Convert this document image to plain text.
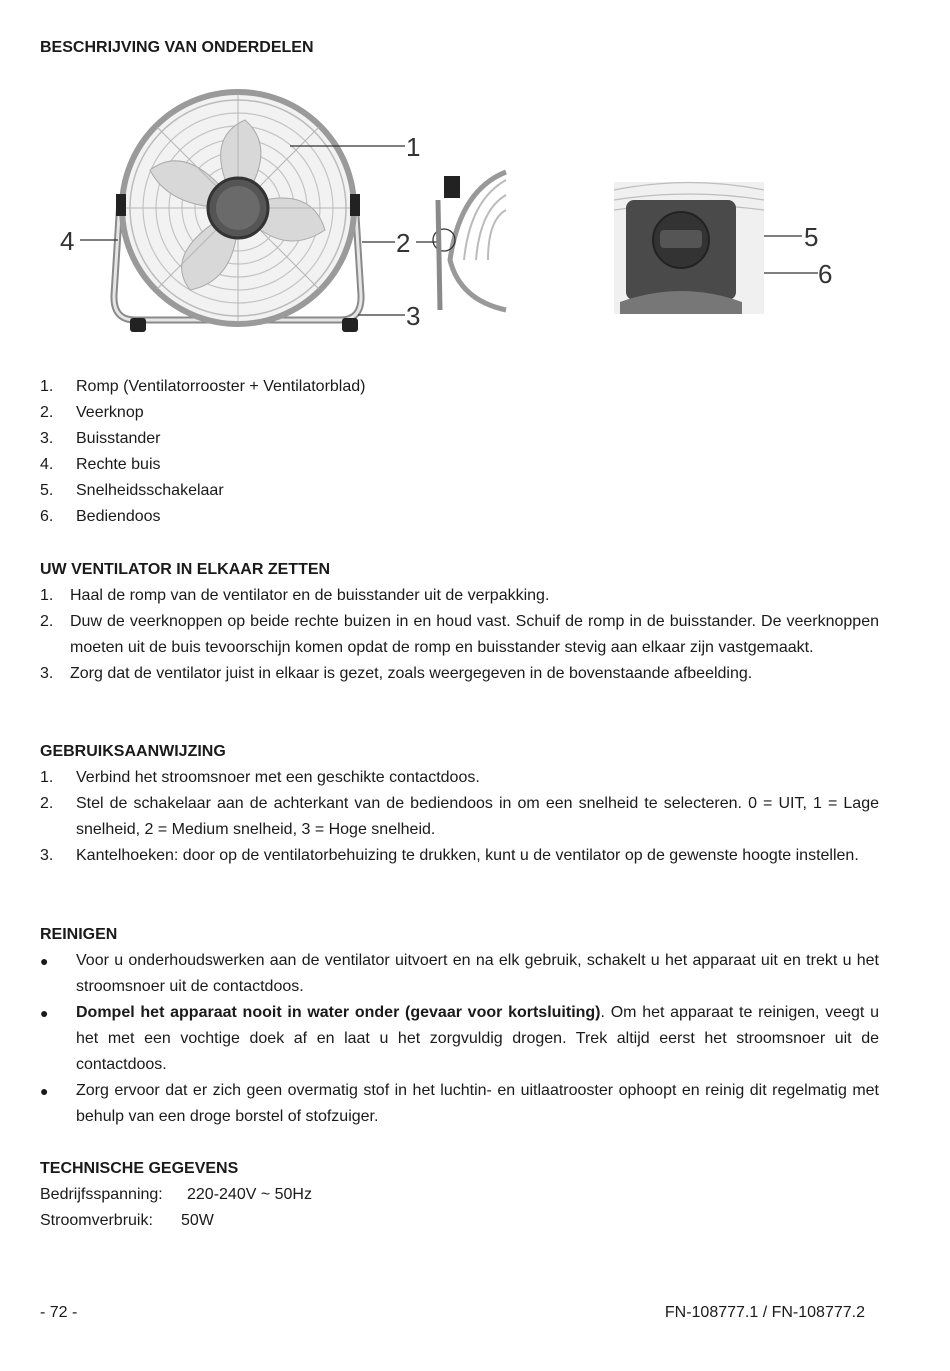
BESCHRIJVING VAN ONDERDELEN
1
2
3
4	5
6
1. Romp (Ventilatorrooster + Ventilatorblad)
2. Veerknop
3. Buisstander
4. Rechte buis
5. Snelheidsschakelaar
6. Bediendoos
UW VENTILATOR IN ELKAAR ZETTEN
1. Haal de romp van de ventilator en de buisstander uit de verpakking.
2. Duw de veerknoppen op beide rechte buizen in en houd vast. Schuif de romp in de buisstander. De veerknoppen moeten uit de buis tevoorschijn komen opdat de romp en buisstander stevig aan elkaar zijn vastgemaakt.
3. Zorg dat de ventilator juist in elkaar is gezet, zoals weergegeven in de bovenstaande afbeelding.
GEBRUIKSAANWIJZING
1. Verbind het stroomsnoer met een geschikte contactdoos.
2. Stel de schakelaar aan de achterkant van de bediendoos in om een snelheid te selecteren. 0 = UIT, 1 = Lage snelheid, 2 = Medium snelheid, 3 = Hoge snelheid.
3. Kantelhoeken: door op de ventilatorbehuizing te drukken, kunt u de ventilator op de gewenste hoogte instellen.
REINIGEN
● Voor u onderhoudswerken aan de ventilator uitvoert en na elk gebruik, schakelt u het apparaat uit en trekt u het stroomsnoer uit de contactdoos.
● Dompel het apparaat nooit in water onder (gevaar voor kortsluiting). Om het apparaat te reinigen, veegt u het met een vochtige doek af en laat u het zorgvuldig drogen. Trek altijd eerst het stroomsnoer uit de contactdoos.
● Zorg ervoor dat er zich geen overmatig stof in het luchtin- en uitlaatrooster ophoopt en reinig dit regelmatig met behulp van een droge borstel of stofzuiger.
TECHNISCHE GEGEVENS
Bedrijfsspanning: 220-240V ~ 50Hz
Stroomverbruik: 50W
- 72 -	FN-108777.1 / FN-108777.2
